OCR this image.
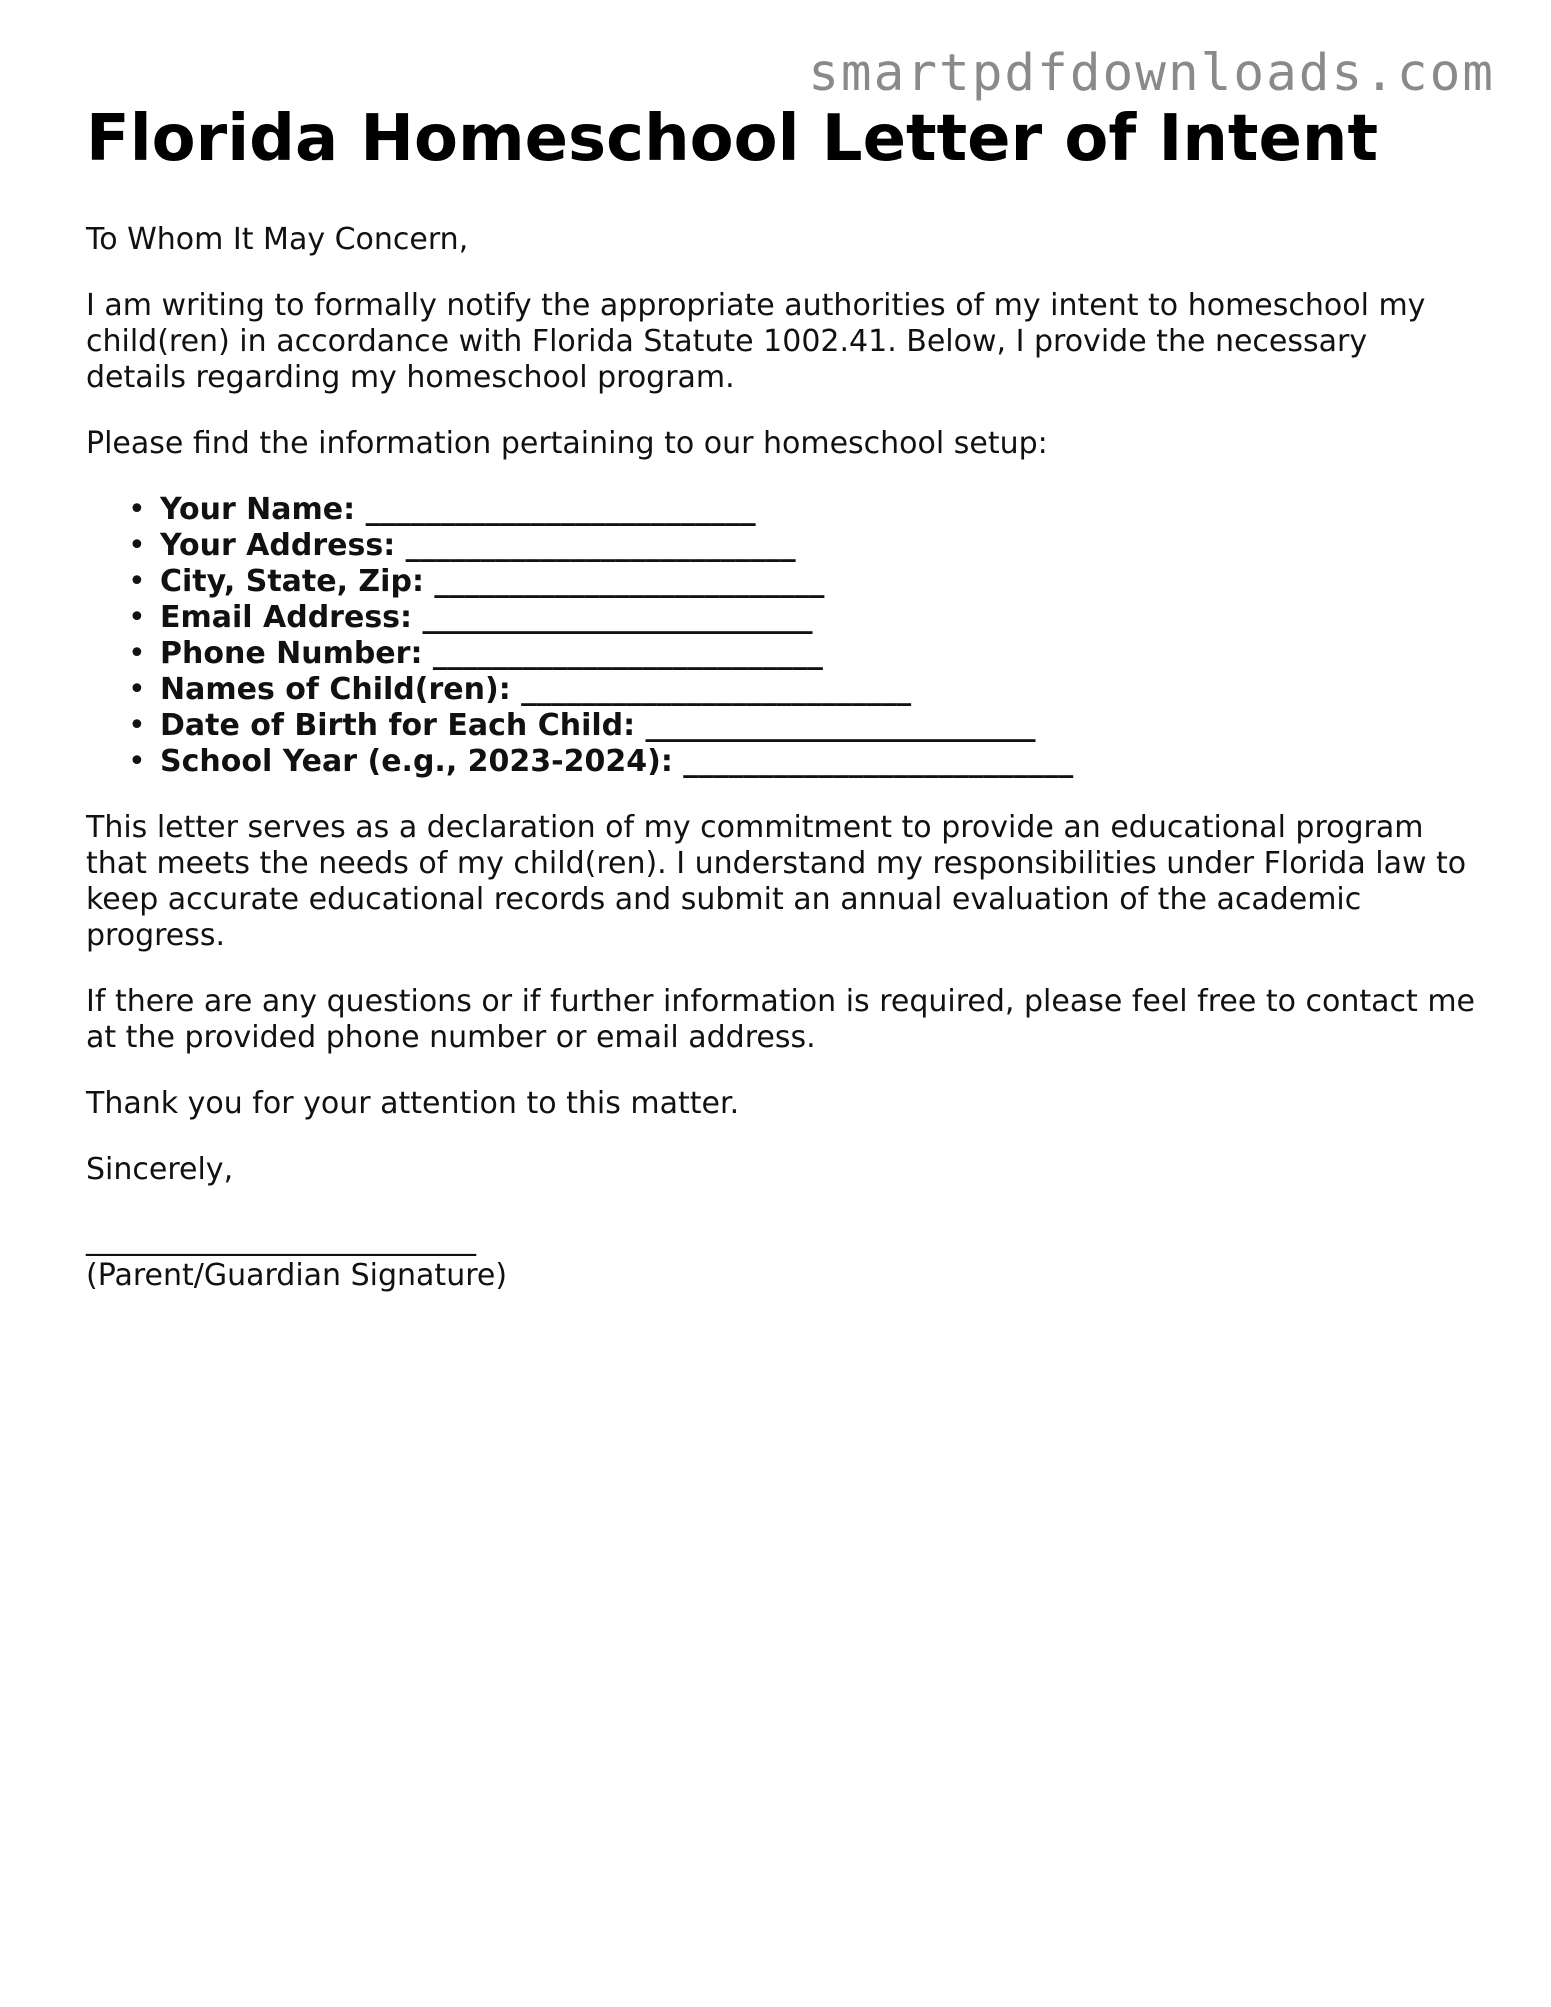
smartpdfdownloads.com
Florida Homeschool Letter of Intent

To Whom It May Concern,

I am writing to formally notify the appropriate authorities of my intent to homeschool my child(ren) in accordance with Florida Statute 1002.41. Below, I provide the necessary details regarding my homeschool program.

Please find the information pertaining to our homeschool setup:

• Your Name: __________________________
• Your Address: __________________________
• City, State, Zip: __________________________
• Email Address: __________________________
• Phone Number: __________________________
• Names of Child(ren): __________________________
• Date of Birth for Each Child: __________________________
• School Year (e.g., 2023-2024): __________________________

This letter serves as a declaration of my commitment to provide an educational program that meets the needs of my child(ren). I understand my responsibilities under Florida law to keep accurate educational records and submit an annual evaluation of the academic progress.

If there are any questions or if further information is required, please feel free to contact me at the provided phone number or email address.

Thank you for your attention to this matter.

Sincerely,

__________________________
(Parent/Guardian Signature)
